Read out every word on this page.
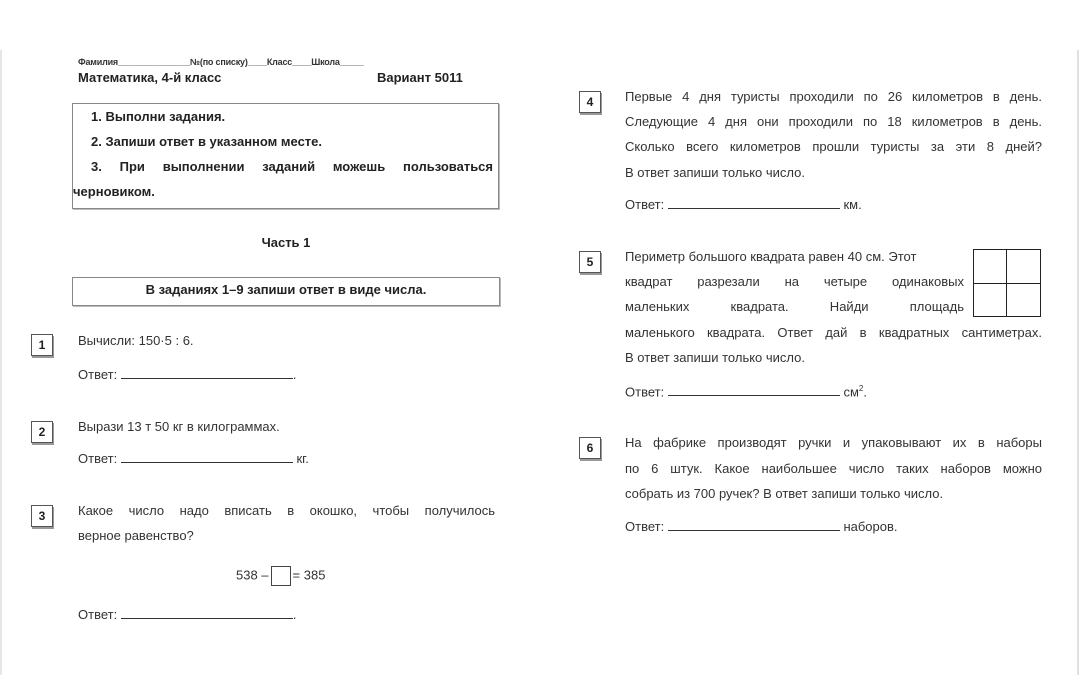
Фамилия_______________№(по списку)____Класс____Школа_____
Математика, 4-й класс	Вариант 5011
1. Выполни задания.
2. Запиши ответ в указанном месте.
3. При выполнении заданий можешь пользоваться
черновиком.
Часть 1
В заданиях 1–9 запиши ответ в виде числа.
1	Вычисли: 150·5 : 6.
Ответ:	.
2	Вырази 13 т 50 кг в килограммах.
Ответ:	кг.
3	Какое число надо вписать в окошко, чтобы получилось
верное равенство?
538 – = 385
Ответ:	.
4	Первые 4 дня туристы проходили по 26 километров в день.
Следующие 4 дня они проходили по 18 километров в день.
Сколько всего километров прошли туристы за эти 8 дней?
В ответ запиши только число.
Ответ:	км.
5	Периметр большого квадрата равен 40 см. Этот
квадрат разрезали на четыре одинаковых
маленьких квадрата. Найди площадь
маленького квадрата. Ответ дай в квадратных сантиметрах.
В ответ запиши только число.
Ответ:	$см^2$.
6	На фабрике производят ручки и упаковывают их в наборы
по 6 штук. Какое наибольшее число таких наборов можно
собрать из 700 ручек? В ответ запиши только число.
Ответ:	наборов.
